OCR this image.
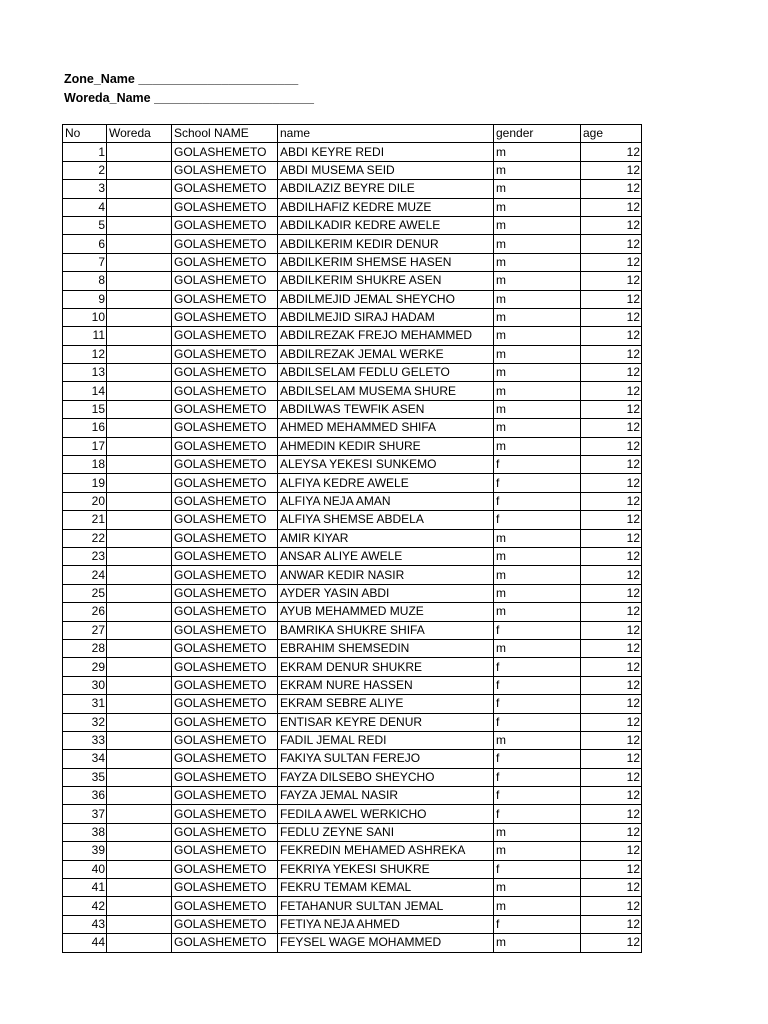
Zone_Name _______________________
Woreda_Name _______________________
No	Woreda	School NAME	name	gender	age
1		GOLASHEMETO	ABDI KEYRE REDI	m	12
2		GOLASHEMETO	ABDI MUSEMA SEID	m	12
3		GOLASHEMETO	ABDILAZIZ BEYRE DILE	m	12
4		GOLASHEMETO	ABDILHAFIZ KEDRE MUZE	m	12
5		GOLASHEMETO	ABDILKADIR KEDRE AWELE	m	12
6		GOLASHEMETO	ABDILKERIM KEDIR DENUR	m	12
7		GOLASHEMETO	ABDILKERIM SHEMSE HASEN	m	12
8		GOLASHEMETO	ABDILKERIM SHUKRE ASEN	m	12
9		GOLASHEMETO	ABDILMEJID JEMAL SHEYCHO	m	12
10		GOLASHEMETO	ABDILMEJID SIRAJ HADAM	m	12
11		GOLASHEMETO	ABDILREZAK FREJO MEHAMMED	m	12
12		GOLASHEMETO	ABDILREZAK JEMAL WERKE	m	12
13		GOLASHEMETO	ABDILSELAM FEDLU GELETO	m	12
14		GOLASHEMETO	ABDILSELAM MUSEMA SHURE	m	12
15		GOLASHEMETO	ABDILWAS TEWFIK ASEN	m	12
16		GOLASHEMETO	AHMED MEHAMMED SHIFA	m	12
17		GOLASHEMETO	AHMEDIN KEDIR SHURE	m	12
18		GOLASHEMETO	ALEYSA YEKESI SUNKEMO	f	12
19		GOLASHEMETO	ALFIYA KEDRE AWELE	f	12
20		GOLASHEMETO	ALFIYA NEJA AMAN	f	12
21		GOLASHEMETO	ALFIYA SHEMSE ABDELA	f	12
22		GOLASHEMETO	AMIR KIYAR	m	12
23		GOLASHEMETO	ANSAR ALIYE AWELE	m	12
24		GOLASHEMETO	ANWAR KEDIR NASIR	m	12
25		GOLASHEMETO	AYDER YASIN ABDI	m	12
26		GOLASHEMETO	AYUB MEHAMMED MUZE	m	12
27		GOLASHEMETO	BAMRIKA SHUKRE SHIFA	f	12
28		GOLASHEMETO	EBRAHIM SHEMSEDIN	m	12
29		GOLASHEMETO	EKRAM DENUR SHUKRE	f	12
30		GOLASHEMETO	EKRAM NURE HASSEN	f	12
31		GOLASHEMETO	EKRAM SEBRE ALIYE	f	12
32		GOLASHEMETO	ENTISAR KEYRE DENUR	f	12
33		GOLASHEMETO	FADIL JEMAL REDI	m	12
34		GOLASHEMETO	FAKIYA SULTAN FEREJO	f	12
35		GOLASHEMETO	FAYZA DILSEBO SHEYCHO	f	12
36		GOLASHEMETO	FAYZA JEMAL NASIR	f	12
37		GOLASHEMETO	FEDILA AWEL WERKICHO	f	12
38		GOLASHEMETO	FEDLU ZEYNE SANI	m	12
39		GOLASHEMETO	FEKREDIN MEHAMED ASHREKA	m	12
40		GOLASHEMETO	FEKRIYA YEKESI SHUKRE	f	12
41		GOLASHEMETO	FEKRU TEMAM KEMAL	m	12
42		GOLASHEMETO	FETAHANUR SULTAN JEMAL	m	12
43		GOLASHEMETO	FETIYA NEJA AHMED	f	12
44		GOLASHEMETO	FEYSEL WAGE MOHAMMED	m	12
